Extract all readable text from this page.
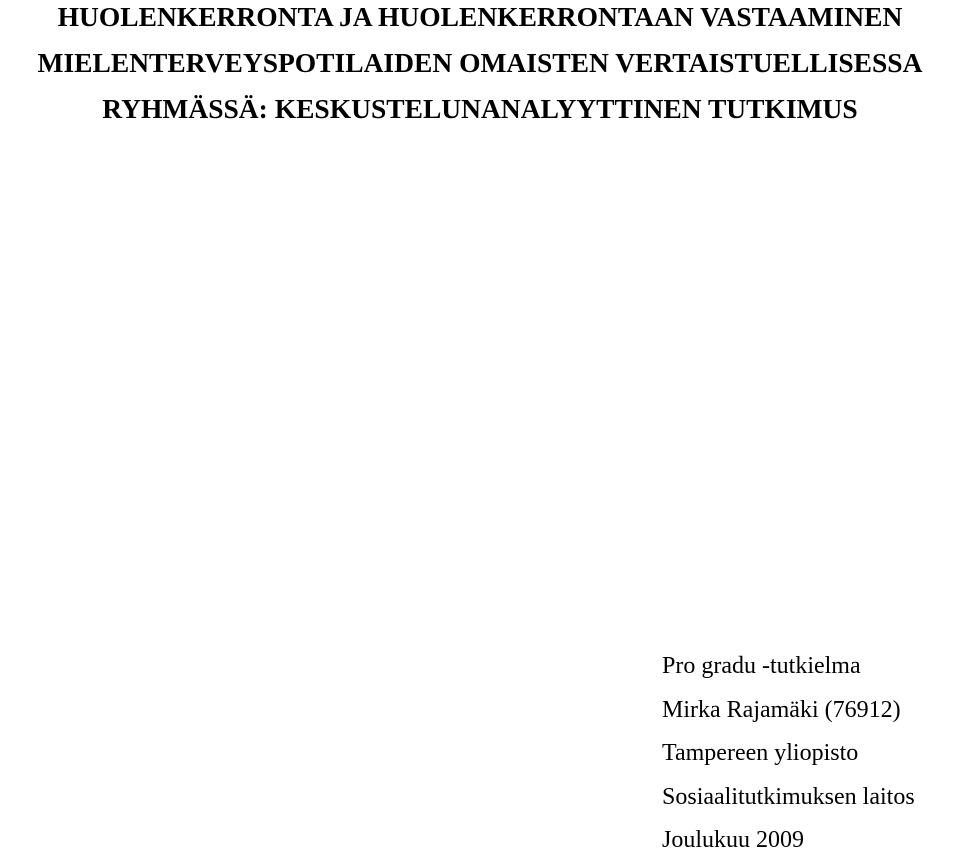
HUOLENKERRONTA JA HUOLENKERRONTAAN VASTAAMINEN
MIELENTERVEYSPOTILAIDEN OMAISTEN VERTAISTUELLISESSA
RYHMÄSSÄ: KESKUSTELUNANALYYTTINEN TUTKIMUS
Pro gradu -tutkielma
Mirka Rajamäki (76912)
Tampereen yliopisto
Sosiaalitutkimuksen laitos
Joulukuu 2009
